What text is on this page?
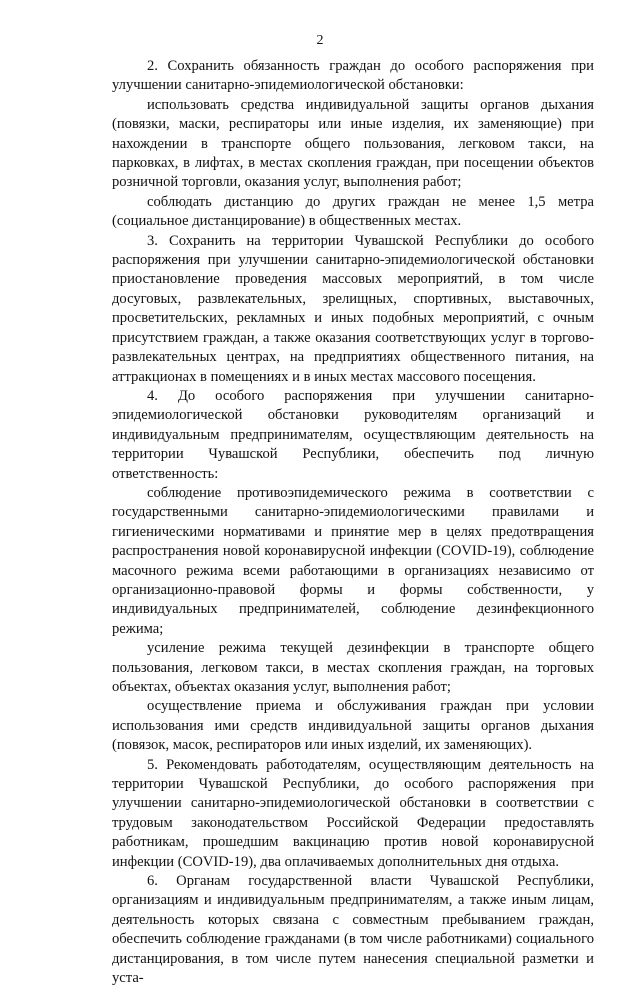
2

2. Сохранить обязанность граждан до особого распоряжения при улучшении санитарно-эпидемиологической обстановки:

использовать средства индивидуальной защиты органов дыхания (повязки, маски, респираторы или иные изделия, их заменяющие) при нахождении в транспорте общего пользования, легковом такси, на парковках, в лифтах, в местах скопления граждан, при посещении объектов розничной торговли, оказания услуг, выполнения работ;

соблюдать дистанцию до других граждан не менее 1,5 метра (социальное дистанцирование) в общественных местах.

3. Сохранить на территории Чувашской Республики до особого распоряжения при улучшении санитарно-эпидемиологической обстановки приостановление проведения массовых мероприятий, в том числе досуговых, развлекательных, зрелищных, спортивных, выставочных, просветительских, рекламных и иных подобных мероприятий, с очным присутствием граждан, а также оказания соответствующих услуг в торгово-развлекательных центрах, на предприятиях общественного питания, на аттракционах в помещениях и в иных местах массового посещения.

4. До особого распоряжения при улучшении санитарно-эпидемиологической обстановки руководителям организаций и индивидуальным предпринимателям, осуществляющим деятельность на территории Чувашской Республики, обеспечить под личную ответственность:

соблюдение противоэпидемического режима в соответствии с государственными санитарно-эпидемиологическими правилами и гигиеническими нормативами и принятие мер в целях предотвращения распространения новой коронавирусной инфекции (COVID-19), соблюдение масочного режима всеми работающими в организациях независимо от организационно-правовой формы и формы собственности, у индивидуальных предпринимателей, соблюдение дезинфекционного режима;

усиление режима текущей дезинфекции в транспорте общего пользования, легковом такси, в местах скопления граждан, на торговых объектах, объектах оказания услуг, выполнения работ;

осуществление приема и обслуживания граждан при условии использования ими средств индивидуальной защиты органов дыхания (повязок, масок, респираторов или иных изделий, их заменяющих).

5. Рекомендовать работодателям, осуществляющим деятельность на территории Чувашской Республики, до особого распоряжения при улучшении санитарно-эпидемиологической обстановки в соответствии с трудовым законодательством Российской Федерации предоставлять работникам, прошедшим вакцинацию против новой коронавирусной инфекции (COVID-19), два оплачиваемых дополнительных дня отдыха.

6. Органам государственной власти Чувашской Республики, организациям и индивидуальным предпринимателям, а также иным лицам, деятельность которых связана с совместным пребыванием граждан, обеспечить соблюдение гражданами (в том числе работниками) социального дистанцирования, в том числе путем нанесения специальной разметки и уста-
